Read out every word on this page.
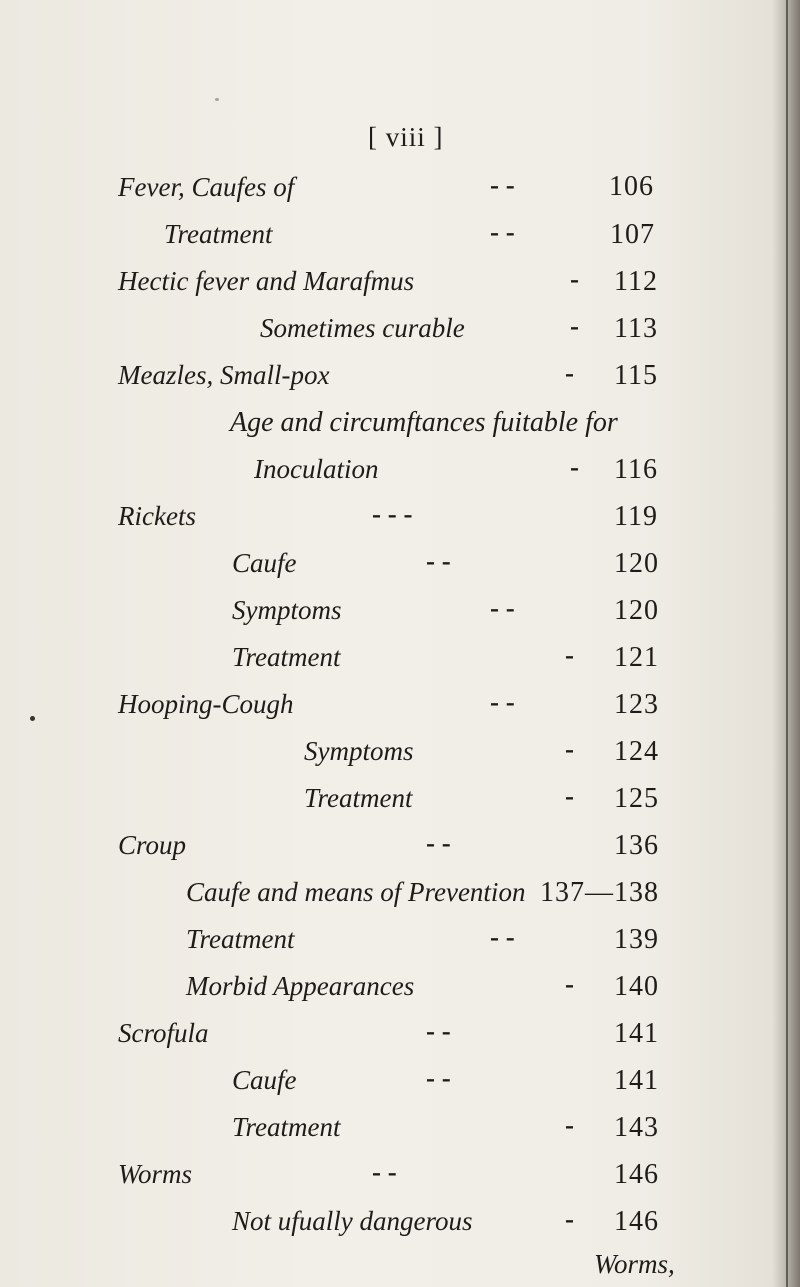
[ viii ]
Fever, Caufes of	- -	106
Treatment	- -	107
Hectic fever and Marafmus	- 112
Sometimes curable	- 113
Meazles, Small-pox	- 115
Age and circumftances fuitable for
Inoculation	- 116
Rickets	- - -	119
Caufe	- -	120
Symptoms	- -	120
Treatment	- 121
Hooping-Cough	- -	123
Symptoms	- 124
Treatment	- 125
Croup	- -	136
Caufe and means of Prevention 137—138
Treatment	- -	139
Morbid Appearances	- 140
Scrofula	- -	141
Caufe	- -	141
Treatment	- 143
Worms	- -	146
Not ufually dangerous	- 146
Worms,
